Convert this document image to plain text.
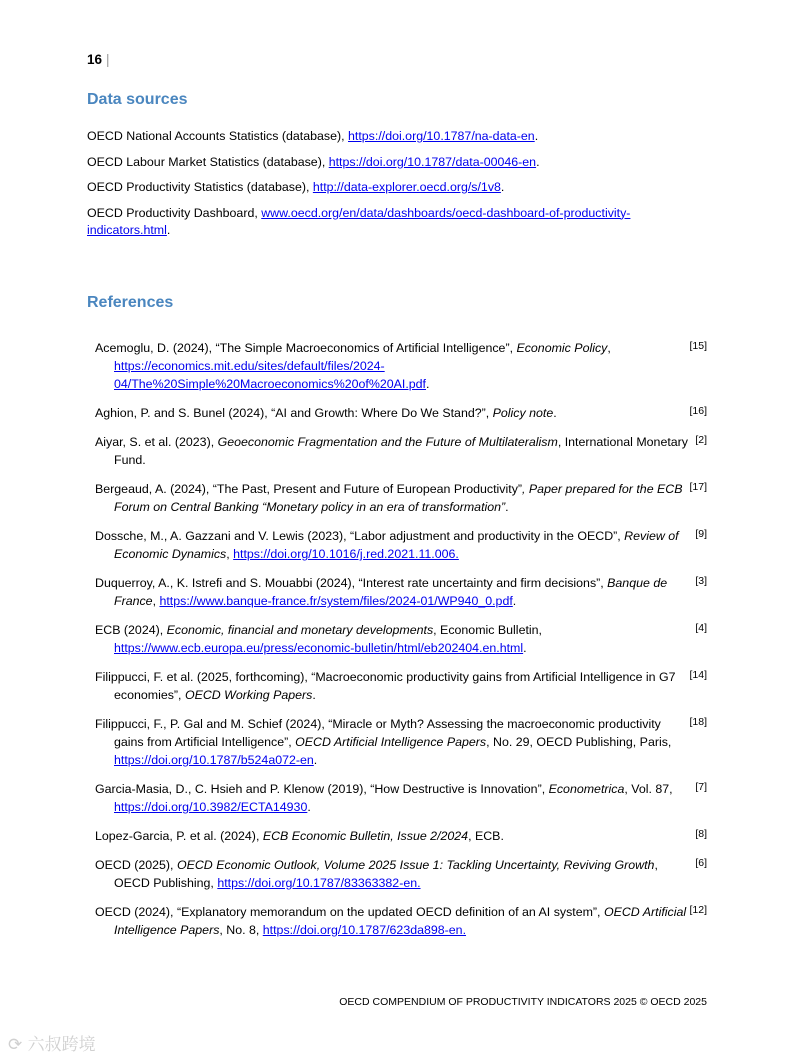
16 |
Data sources
OECD National Accounts Statistics (database), https://doi.org/10.1787/na-data-en.
OECD Labour Market Statistics (database), https://doi.org/10.1787/data-00046-en.
OECD Productivity Statistics (database), http://data-explorer.oecd.org/s/1v8.
OECD Productivity Dashboard, www.oecd.org/en/data/dashboards/oecd-dashboard-of-productivity-indicators.html.
References
Acemoglu, D. (2024), “The Simple Macroeconomics of Artificial Intelligence”, Economic Policy, https://economics.mit.edu/sites/default/files/2024-04/The%20Simple%20Macroeconomics%20of%20AI.pdf.
[15]
Aghion, P. and S. Bunel (2024), “AI and Growth: Where Do We Stand?”, Policy note.	[16]
Aiyar, S. et al. (2023), Geoeconomic Fragmentation and the Future of Multilateralism, International Monetary Fund.
[2]
Bergeaud, A. (2024), “The Past, Present and Future of European Productivity”, Paper prepared for the ECB Forum on Central Banking “Monetary policy in an era of transformation”.
[17]
Dossche, M., A. Gazzani and V. Lewis (2023), “Labor adjustment and productivity in the OECD”, Review of Economic Dynamics, https://doi.org/10.1016/j.red.2021.11.006.
[9]
Duquerroy, A., K. Istrefi and S. Mouabbi (2024), “Interest rate uncertainty and firm decisions”, Banque de France, https://www.banque-france.fr/system/files/2024-01/WP940_0.pdf.
[3]
ECB (2024), Economic, financial and monetary developments, Economic Bulletin, https://www.ecb.europa.eu/press/economic-bulletin/html/eb202404.en.html.
[4]
Filippucci, F. et al. (2025, forthcoming), “Macroeconomic productivity gains from Artificial Intelligence in G7 economies”, OECD Working Papers.
[14]
Filippucci, F., P. Gal and M. Schief (2024), “Miracle or Myth? Assessing the macroeconomic productivity gains from Artificial Intelligence”, OECD Artificial Intelligence Papers, No. 29, OECD Publishing, Paris, https://doi.org/10.1787/b524a072-en.
[18]
Garcia-Masia, D., C. Hsieh and P. Klenow (2019), “How Destructive is Innovation”, Econometrica, Vol. 87, https://doi.org/10.3982/ECTA14930.
[7]
Lopez-Garcia, P. et al. (2024), ECB Economic Bulletin, Issue 2/2024, ECB.	[8]
OECD (2025), OECD Economic Outlook, Volume 2025 Issue 1: Tackling Uncertainty, Reviving Growth, OECD Publishing, https://doi.org/10.1787/83363382-en.
[6]
OECD (2024), “Explanatory memorandum on the updated OECD definition of an AI system”, OECD Artificial Intelligence Papers, No. 8, https://doi.org/10.1787/623da898-en.
[12]
OECD COMPENDIUM OF PRODUCTIVITY INDICATORS 2025 © OECD 2025
⟳ 六叔跨境
